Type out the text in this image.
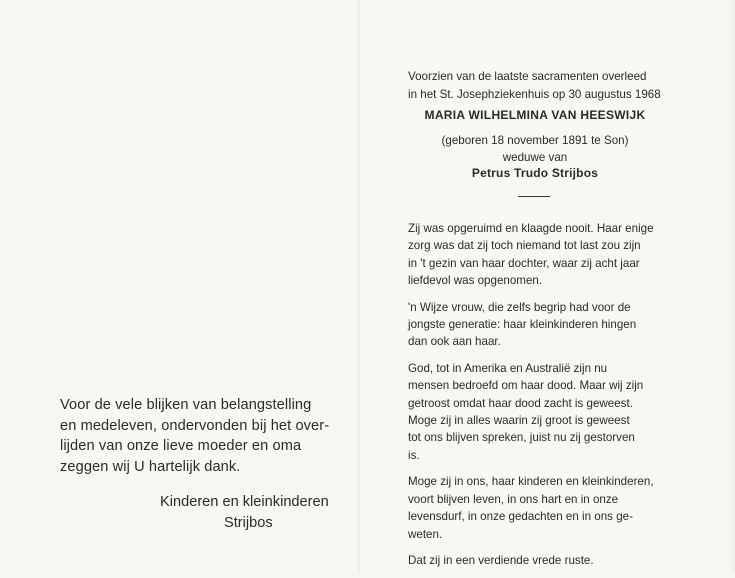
Voor de vele blijken van belangstelling
en medeleven, ondervonden bij het over-
lijden van onze lieve moeder en oma
zeggen wij U hartelijk dank.
Kinderen en kleinkinderen
Strijbos
Voorzien van de laatste sacramenten overleed
in het St. Josephziekenhuis op 30 augustus 1968
MARIA WILHELMINA VAN HEESWIJK
(geboren 18 november 1891 te Son)
weduwe van
Petrus Trudo Strijbos
Zij was opgeruimd en klaagde nooit. Haar enige
zorg was dat zij toch niemand tot last zou zijn
in 't gezin van haar dochter, waar zij acht jaar
liefdevol was opgenomen.
'n Wijze vrouw, die zelfs begrip had voor de
jongste generatie: haar kleinkinderen hingen
dan ook aan haar.
God, tot in Amerika en Australië zijn nu
mensen bedroefd om haar dood. Maar wij zijn
getroost omdat haar dood zacht is geweest.
Moge zij in alles waarin zij groot is geweest
tot ons blijven spreken, juist nu zij gestorven
is.
Moge zij in ons, haar kinderen en kleinkinderen,
voort blijven leven, in ons hart en in onze
levensdurf, in onze gedachten en in ons ge-
weten.
Dat zij in een verdiende vrede ruste.
